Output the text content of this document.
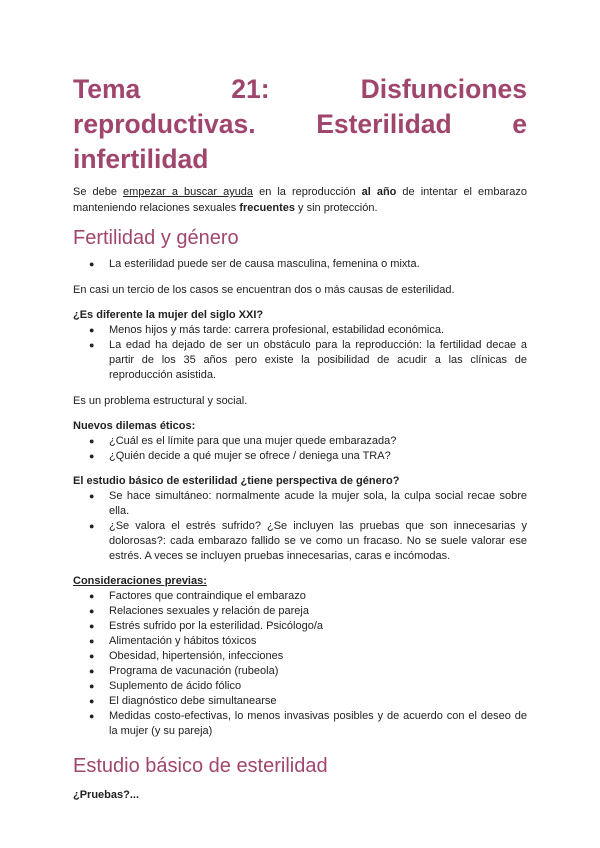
Tema 21: Disfunciones reproductivas. Esterilidad e infertilidad

Se debe empezar a buscar ayuda en la reproducción al año de intentar el embarazo manteniendo relaciones sexuales frecuentes y sin protección.

Fertilidad y género
● La esterilidad puede ser de causa masculina, femenina o mixta.

En casi un tercio de los casos se encuentran dos o más causas de esterilidad.

¿Es diferente la mujer del siglo XXI?
● Menos hijos y más tarde: carrera profesional, estabilidad económica.
● La edad ha dejado de ser un obstáculo para la reproducción: la fertilidad decae a partir de los 35 años pero existe la posibilidad de acudir a las clínicas de reproducción asistida.

Es un problema estructural y social.

Nuevos dilemas éticos:
● ¿Cuál es el límite para que una mujer quede embarazada?
● ¿Quién decide a qué mujer se ofrece / deniega una TRA?
El estudio básico de esterilidad ¿tiene perspectiva de género?
● Se hace simultáneo: normalmente acude la mujer sola, la culpa social recae sobre ella.
● ¿Se valora el estrés sufrido? ¿Se incluyen las pruebas que son innecesarias y dolorosas?: cada embarazo fallido se ve como un fracaso. No se suele valorar ese estrés. A veces se incluyen pruebas innecesarias, caras e incómodas.
Consideraciones previas:
● Factores que contraindique el embarazo
● Relaciones sexuales y relación de pareja
● Estrés sufrido por la esterilidad. Psicólogo/a
● Alimentación y hábitos tóxicos
● Obesidad, hipertensión, infecciones
● Programa de vacunación (rubeola)
● Suplemento de ácido fólico
● El diagnóstico debe simultanearse
● Medidas costo-efectivas, lo menos invasivas posibles y de acuerdo con el deseo de la mujer (y su pareja)
Estudio básico de esterilidad
¿Pruebas?...
